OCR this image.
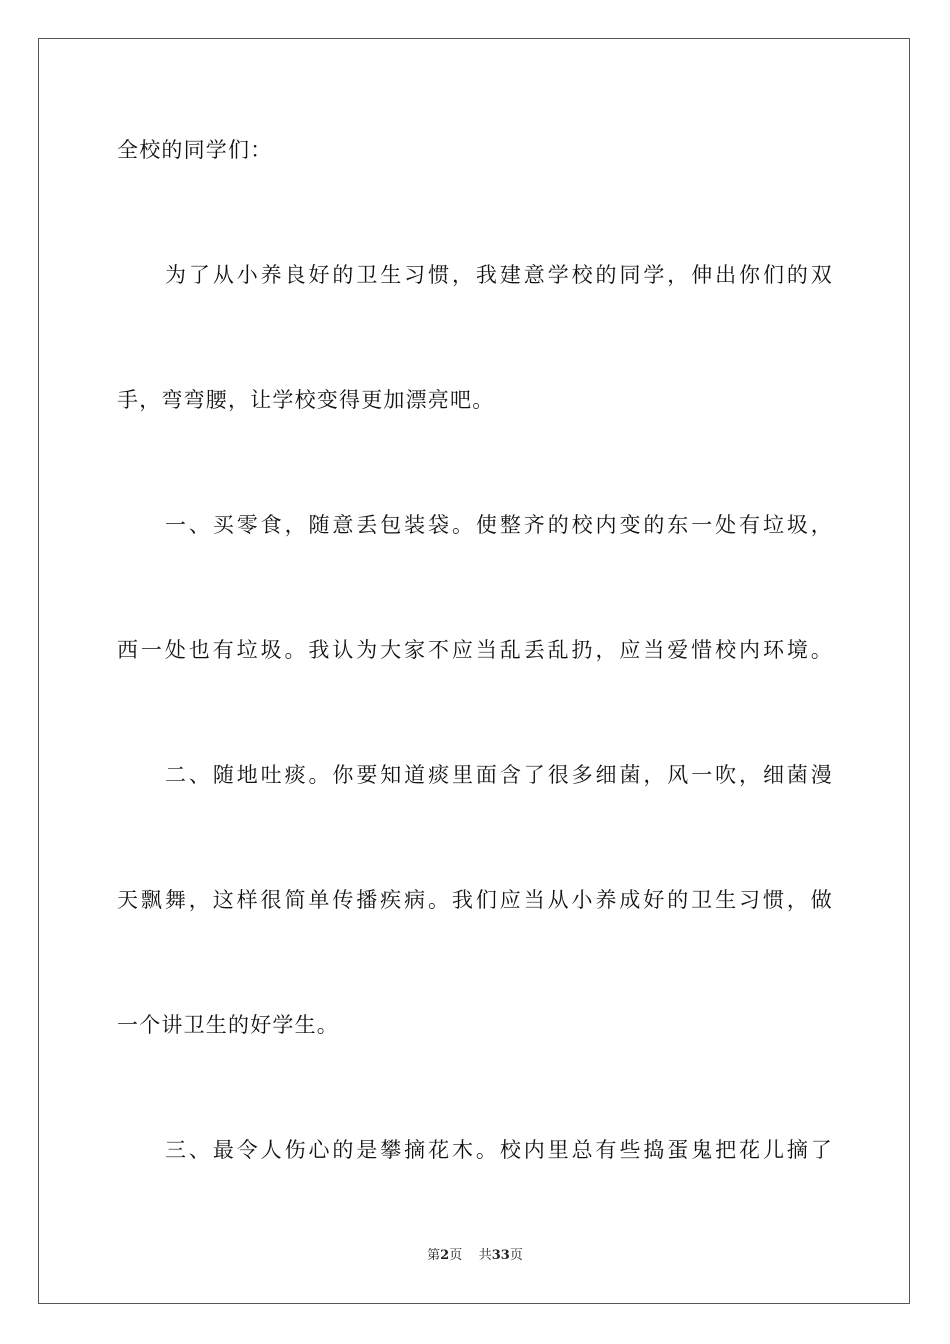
全校的同学们：
为了从小养良好的卫生习惯，我建意学校的同学，伸出你们的双
手，弯弯腰，让学校变得更加漂亮吧。
一、买零食，随意丢包装袋。使整齐的校内变的东一处有垃圾，
西一处也有垃圾。我认为大家不应当乱丢乱扔，应当爱惜校内环境。
二、随地吐痰。你要知道痰里面含了很多细菌，风一吹，细菌漫
天飘舞，这样很简单传播疾病。我们应当从小养成好的卫生习惯，做
一个讲卫生的好学生。
三、最令人伤心的是攀摘花木。校内里总有些捣蛋鬼把花儿摘了
第2页 共33页
